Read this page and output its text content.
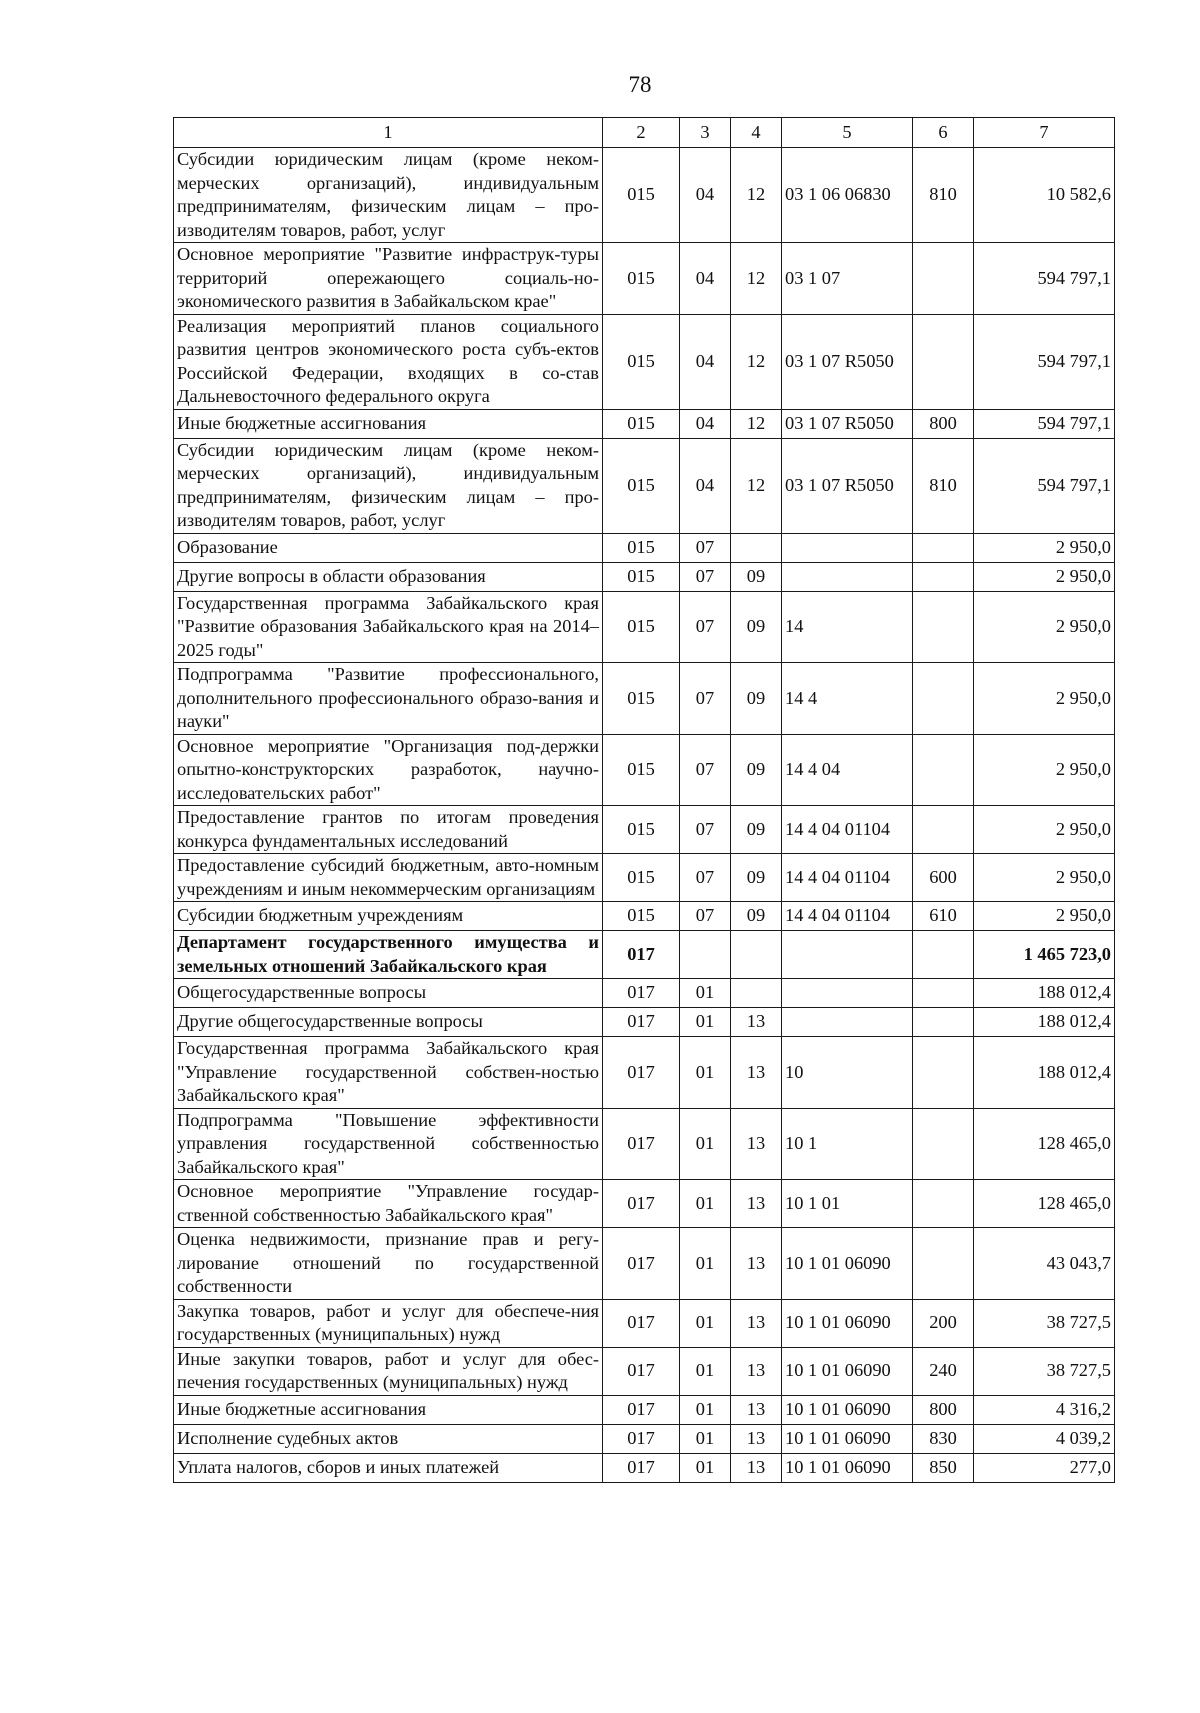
78
1	2	3	4	5	6	7
Субсидии юридическим лицам (кроме неком-мерческих организаций), индивидуальным предпринимателям, физическим лицам – про-изводителям товаров, работ, услуг	015	04	12	03 1 06 06830	810	10 582,6
Основное мероприятие "Развитие инфраструк-туры территорий опережающего социаль-но-экономического развития в Забайкальском крае"	015	04	12	03 1 07		594 797,1
Реализация мероприятий планов социального развития центров экономического роста субъ-ектов Российской Федерации, входящих в со-став Дальневосточного федерального округа	015	04	12	03 1 07 R5050		594 797,1
Иные бюджетные ассигнования	015	04	12	03 1 07 R5050	800	594 797,1
Субсидии юридическим лицам (кроме неком-мерческих организаций), индивидуальным предпринимателям, физическим лицам – про-изводителям товаров, работ, услуг	015	04	12	03 1 07 R5050	810	594 797,1
Образование	015	07				2 950,0
Другие вопросы в области образования	015	07	09			2 950,0
Государственная программа Забайкальского края "Развитие образования Забайкальского края на 2014–2025 годы"	015	07	09	14		2 950,0
Подпрограмма "Развитие профессионального, дополнительного профессионального образо-вания и науки"	015	07	09	14 4		2 950,0
Основное мероприятие "Организация под-держки опытно-конструкторских разработок, научно-исследовательских работ"	015	07	09	14 4 04		2 950,0
Предоставление грантов по итогам проведения конкурса фундаментальных исследований	015	07	09	14 4 04 01104		2 950,0
Предоставление субсидий бюджетным, авто-номным учреждениям и иным некоммерческим организациям	015	07	09	14 4 04 01104	600	2 950,0
Субсидии бюджетным учреждениям	015	07	09	14 4 04 01104	610	2 950,0
Департамент государственного имущества и земельных отношений Забайкальского края	017					1 465 723,0
Общегосударственные вопросы	017	01				188 012,4
Другие общегосударственные вопросы	017	01	13			188 012,4
Государственная программа Забайкальского края "Управление государственной собствен-ностью Забайкальского края"	017	01	13	10		188 012,4
Подпрограмма "Повышение эффективности управления государственной собственностью Забайкальского края"	017	01	13	10 1		128 465,0
Основное мероприятие "Управление государ-ственной собственностью Забайкальского края"	017	01	13	10 1 01		128 465,0
Оценка недвижимости, признание прав и регу-лирование отношений по государственной собственности	017	01	13	10 1 01 06090		43 043,7
Закупка товаров, работ и услуг для обеспече-ния государственных (муниципальных) нужд	017	01	13	10 1 01 06090	200	38 727,5
Иные закупки товаров, работ и услуг для обес-печения государственных (муниципальных) нужд	017	01	13	10 1 01 06090	240	38 727,5
Иные бюджетные ассигнования	017	01	13	10 1 01 06090	800	4 316,2
Исполнение судебных актов	017	01	13	10 1 01 06090	830	4 039,2
Уплата налогов, сборов и иных платежей	017	01	13	10 1 01 06090	850	277,0
